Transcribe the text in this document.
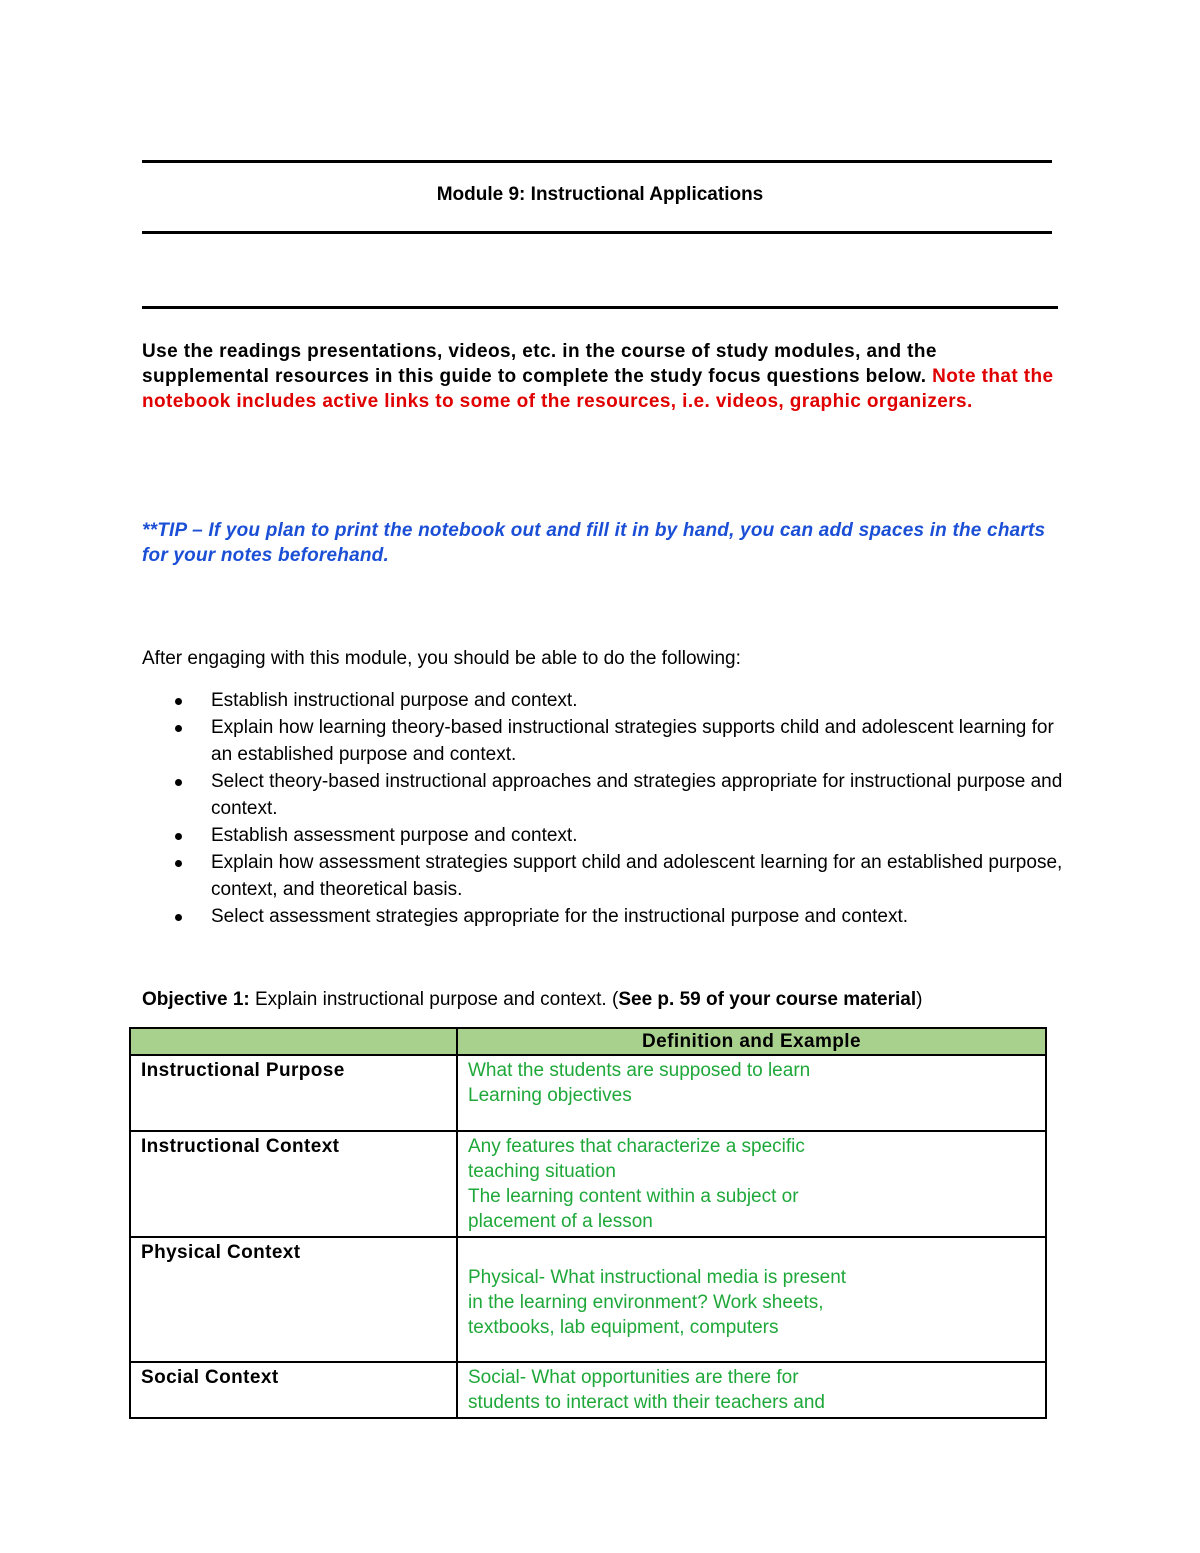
Module 9: Instructional Applications
Use the readings presentations, videos, etc. in the course of study modules, and the supplemental resources in this guide to complete the study focus questions below. Note that the notebook includes active links to some of the resources, i.e. videos, graphic organizers.
**TIP – If you plan to print the notebook out and fill it in by hand, you can add spaces in the charts for your notes beforehand.
After engaging with this module, you should be able to do the following:
Establish instructional purpose and context.
Explain how learning theory-based instructional strategies supports child and adolescent learning for an established purpose and context.
Select theory-based instructional approaches and strategies appropriate for instructional purpose and context.
Establish assessment purpose and context.
Explain how assessment strategies support child and adolescent learning for an established purpose, context, and theoretical basis.
Select assessment strategies appropriate for the instructional purpose and context.
Objective 1: Explain instructional purpose and context. (See p. 59 of your course material)
	Definition and Example
Instructional Purpose	What the students are supposed to learn
Learning objectives

Instructional Context	Any features that characterize a specific
teaching situation
The learning content within a subject or
placement of a lesson

Physical Context	Physical- What instructional media is present
in the learning environment? Work sheets,
textbooks, lab equipment, computers

Social Context	Social- What opportunities are there for
students to interact with their teachers and
